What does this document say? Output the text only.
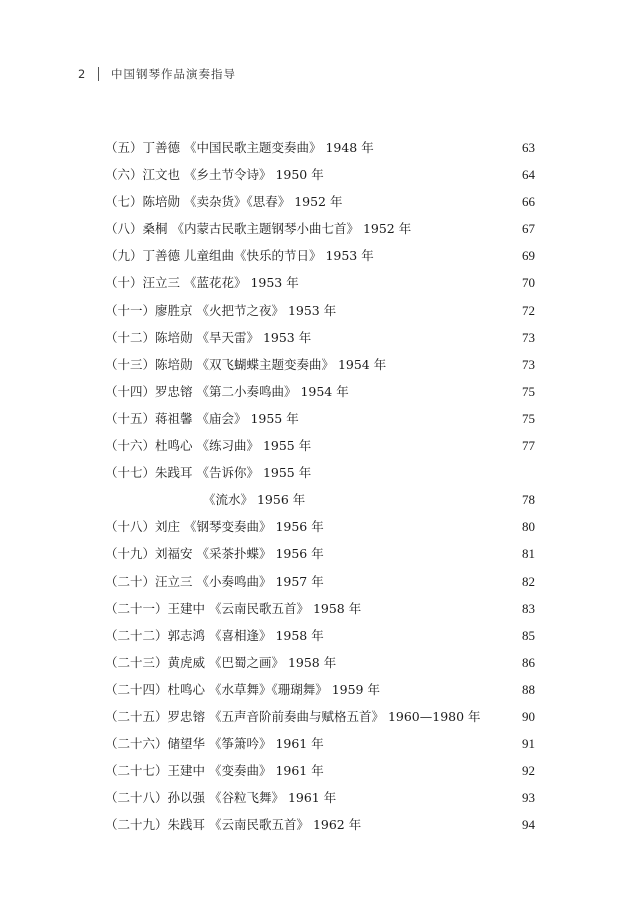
2	中国钢琴作品演奏指导
（五）丁善德 《中国民歌主题变奏曲》 1948 年	63
（六）江文也 《乡土节令诗》 1950 年	64
（七）陈培勋 《卖杂货》《思春》 1952 年	66
（八）桑桐 《内蒙古民歌主题钢琴小曲七首》 1952 年	67
（九）丁善德 儿童组曲《快乐的节日》 1953 年	69
（十）汪立三 《蓝花花》 1953 年	70
（十一）廖胜京 《火把节之夜》 1953 年	72
（十二）陈培勋 《旱天雷》 1953 年	73
（十三）陈培勋 《双飞蝴蝶主题变奏曲》 1954 年	73
（十四）罗忠镕 《第二小奏鸣曲》 1954 年	75
（十五）蒋祖馨 《庙会》 1955 年	75
（十六）杜鸣心 《练习曲》 1955 年	77
（十七）朱践耳 《告诉你》 1955 年
《流水》 1956 年	78
（十八）刘庄 《钢琴变奏曲》 1956 年	80
（十九）刘福安 《采茶扑蝶》 1956 年	81
（二十）汪立三 《小奏鸣曲》 1957 年	82
（二十一）王建中 《云南民歌五首》 1958 年	83
（二十二）郭志鸿 《喜相逢》 1958 年	85
（二十三）黄虎威 《巴蜀之画》 1958 年	86
（二十四）杜鸣心 《水草舞》《珊瑚舞》 1959 年	88
（二十五）罗忠镕 《五声音阶前奏曲与赋格五首》 1960—1980 年	90
（二十六）储望华 《筝箫吟》 1961 年	91
（二十七）王建中 《变奏曲》 1961 年	92
（二十八）孙以强 《谷粒飞舞》 1961 年	93
（二十九）朱践耳 《云南民歌五首》 1962 年	94
